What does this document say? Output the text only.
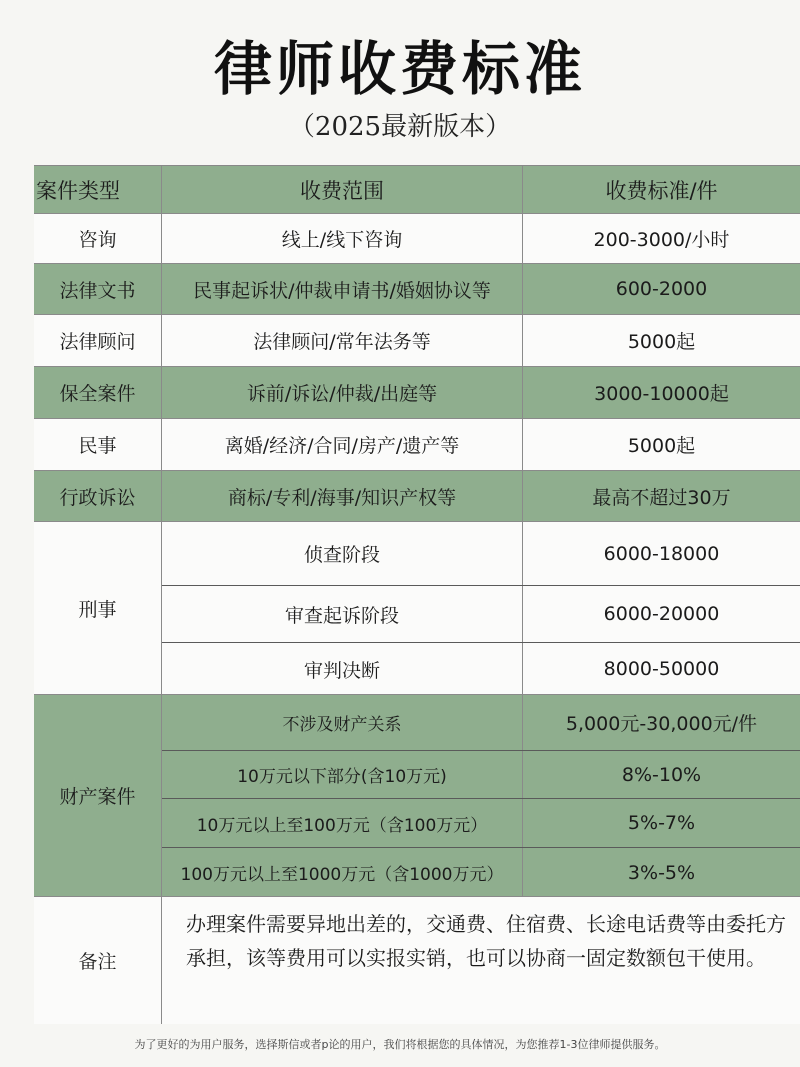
律师收费标准
（2025最新版本）
案件类型	收费范围	收费标准/件
咨询	线上/线下咨询	200-3000/小时
法律文书	民事起诉状/仲裁申请书/婚姻协议等	600-2000
法律顾问	法律顾问/常年法务等	5000起
保全案件	诉前/诉讼/仲裁/出庭等	3000-10000起
民事	离婚/经济/合同/房产/遗产等	5000起
行政诉讼	商标/专利/海事/知识产权等	最高不超过30万
刑事
侦查阶段	6000-18000
审查起诉阶段	6000-20000
审判决断	8000-50000
财产案件
不涉及财产关系	5,000元-30,000元/件
10万元以下部分(含10万元)	8%-10%
10万元以上至100万元（含100万元）	5%-7%
100万元以上至1000万元（含1000万元）	3%-5%
备注
办理案件需要异地出差的，交通费、住宿费、长途电话费等由委托方承担，该等费用可以实报实销，也可以协商一固定数额包干使用。
为了更好的为用户服务，选择斯信或者p论的用户，我们将根据您的具体情况，为您推荐1-3位律师提供服务。
